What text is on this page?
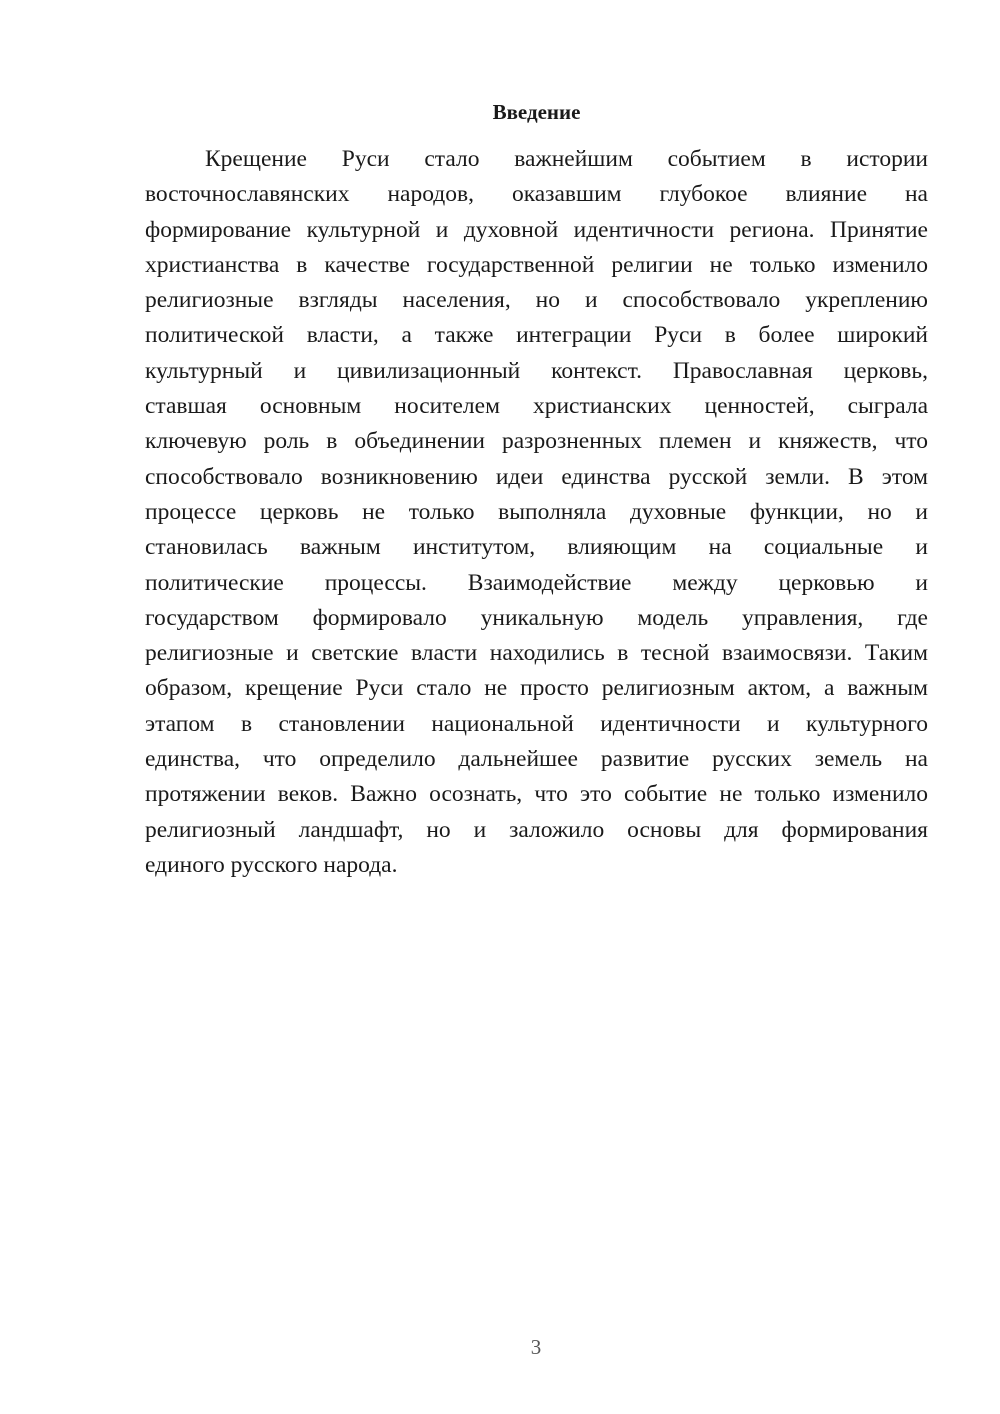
Введение
Крещение Руси стало важнейшим событием в истории
восточнославянских народов, оказавшим глубокое влияние на
формирование культурной и духовной идентичности региона. Принятие
христианства в качестве государственной религии не только изменило
религиозные взгляды населения, но и способствовало укреплению
политической власти, а также интеграции Руси в более широкий
культурный и цивилизационный контекст. Православная церковь,
ставшая основным носителем христианских ценностей, сыграла
ключевую роль в объединении разрозненных племен и княжеств, что
способствовало возникновению идеи единства русской земли. В этом
процессе церковь не только выполняла духовные функции, но и
становилась важным институтом, влияющим на социальные и
политические процессы. Взаимодействие между церковью и
государством формировало уникальную модель управления, где
религиозные и светские власти находились в тесной взаимосвязи. Таким
образом, крещение Руси стало не просто религиозным актом, а важным
этапом в становлении национальной идентичности и культурного
единства, что определило дальнейшее развитие русских земель на
протяжении веков. Важно осознать, что это событие не только изменило
религиозный ландшафт, но и заложило основы для формирования
единого русского народа.
3
